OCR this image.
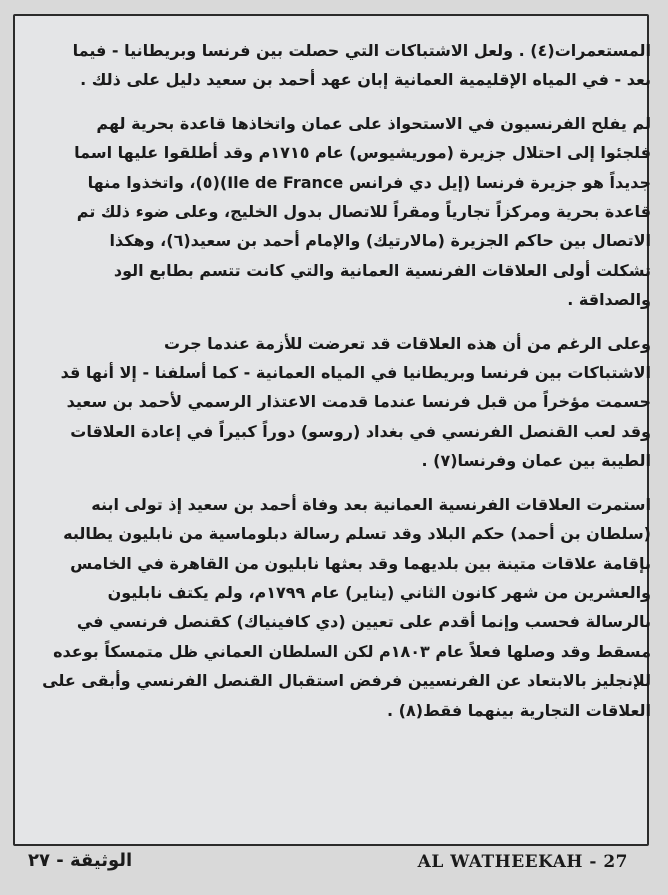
المستعمرات(٤) . ولعل الاشتباكات التي حصلت بين فرنسا وبريطانيا - فيما
بعد - في المياه الإقليمية العمانية إبان عهد أحمد بن سعيد دليل على ذلك .

لم يفلح الفرنسيون في الاستحواذ على عمان واتخاذها قاعدة بحرية لهم
فلجئوا إلى احتلال جزيرة (موريشيوس) عام ١٧١٥م وقد أطلقوا عليها اسما
جديداً هو جزيرة فرنسا (إيل دي فرانس Ile de France)(٥)، واتخذوا منها
قاعدة بحرية ومركزاً تجارياً ومقراً للاتصال بدول الخليج، وعلى ضوء ذلك تم
الاتصال بين حاكم الجزيرة (مالارتيك) والإمام أحمد بن سعيد(٦)، وهكذا
تشكلت أولى العلاقات الفرنسية العمانية والتي كانت تتسم بطابع الود
والصداقة .

وعلى الرغم من أن هذه العلاقات قد تعرضت للأزمة عندما جرت
الاشتباكات بين فرنسا وبريطانيا في المياه العمانية - كما أسلفنا - إلا أنها قد
حسمت مؤخراً من قبل فرنسا عندما قدمت الاعتذار الرسمي لأحمد بن سعيد
وقد لعب القنصل الفرنسي في بغداد (روسو) دوراً كبيراً في إعادة العلاقات
الطيبة بين عمان وفرنسا(٧) .

استمرت العلاقات الفرنسية العمانية بعد وفاة أحمد بن سعيد إذ تولى ابنه
(سلطان بن أحمد) حكم البلاد وقد تسلم رسالة دبلوماسية من نابليون يطالبه
بإقامة علاقات متينة بين بلديهما وقد بعثها نابليون من القاهرة في الخامس
والعشرين من شهر كانون الثاني (يناير) عام ١٧٩٩م، ولم يكتف نابليون
بالرسالة فحسب وإنما أقدم على تعيين (دي كافينياك) كقنصل فرنسي في
مسقط وقد وصلها فعلاً عام ١٨٠٣م لكن السلطان العماني ظل متمسكاً بوعده
للإنجليز بالابتعاد عن الفرنسيين فرفض استقبال القنصل الفرنسي وأبقى على
العلاقات التجارية بينهما فقط(٨) .

AL WATHEEKAH - 27
الوثيقة - ٢٧
